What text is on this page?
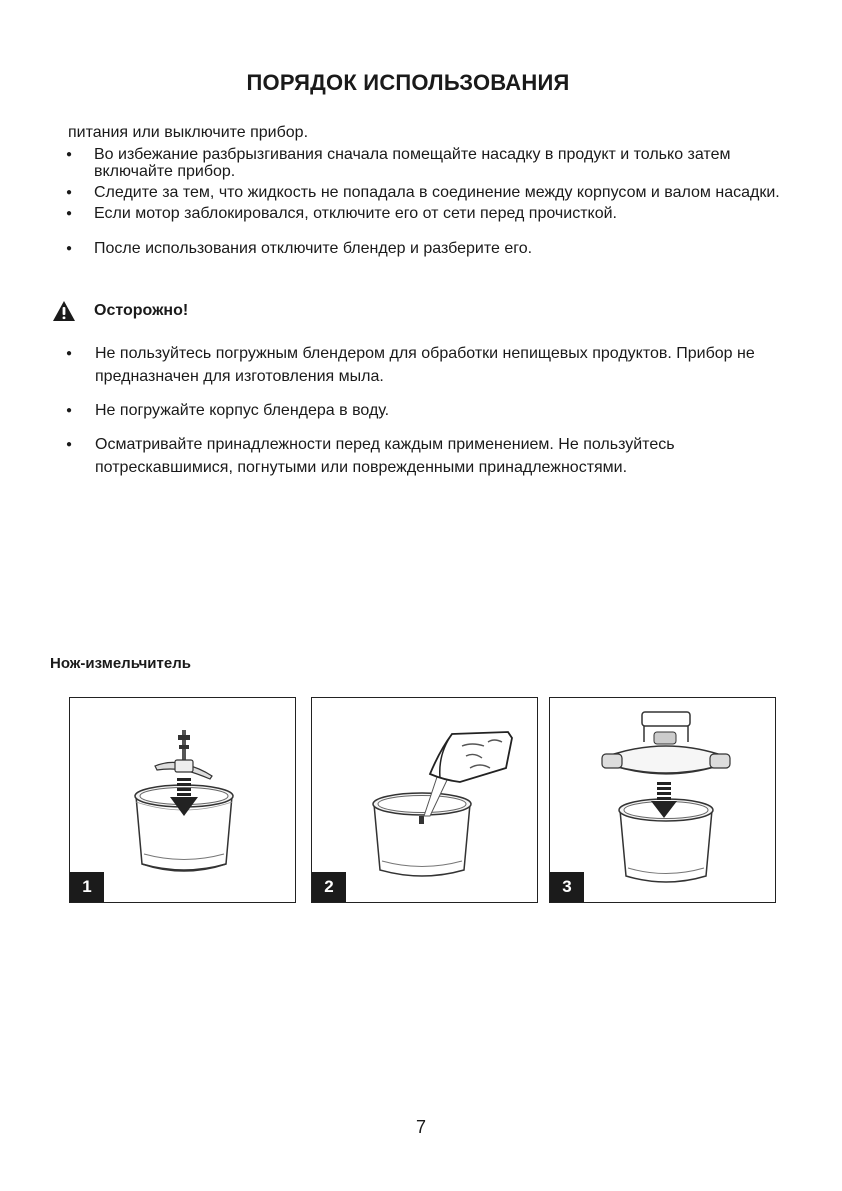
ПОРЯДОК ИСПОЛЬЗОВАНИЯ
питания или выключите прибор.
● Во избежание разбрызгивания сначала помещайте насадку в продукт и только затем включайте прибор.
● Следите за тем, что жидкость не попадала в соединение между корпусом и валом насадки.
● Если мотор заблокировался, отключите его от сети перед прочисткой.
● После использования отключите блендер и разберите его.
Осторожно!
● Не пользуйтесь погружным блендером для обработки непищевых продуктов. Прибор не предназначен для изготовления мыла.
● Не погружайте корпус блендера в воду.
● Осматривайте принадлежности перед каждым применением. Не пользуйтесь потрескавшимися, погнутыми или поврежденными принадлежностями.
Нож-измельчитель
1	2	3
7
